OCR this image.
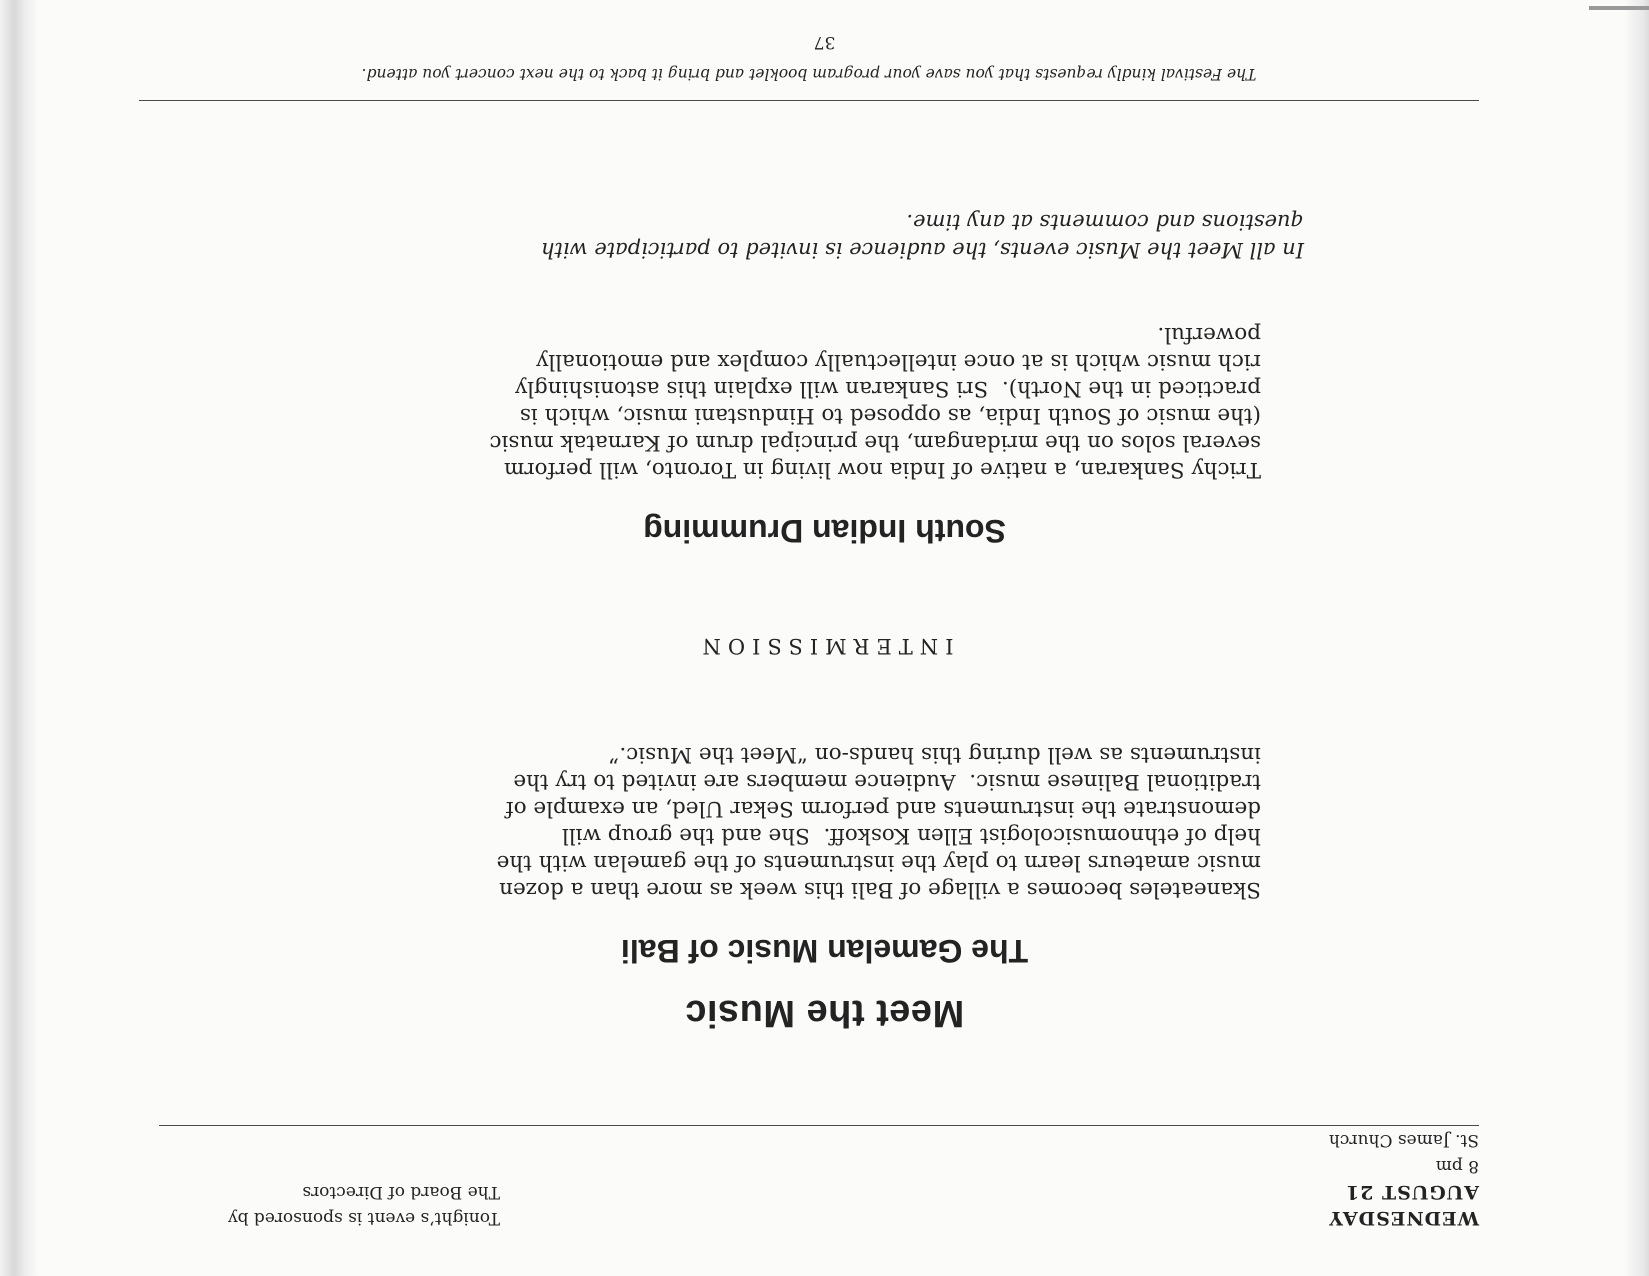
WEDNESDAY
AUGUST 21
8 pm
St. James Church
Tonight’s event is sponsored by
The Board of Directors
Meet the Music
The Gamelan Music of Bali
Skaneateles becomes a village of Bali this week as more than a dozen
music amateurs learn to play the instruments of the gamelan with the
help of ethnomusicologist Ellen Koskoff.  She and the group will
demonstrate the instruments and perform Sekar Uled, an example of
traditional Balinese music.  Audience members are invited to try the
instruments as well during this hands-on “Meet the Music.”
INTERMISSION
South Indian Drumming
Trichy Sankaran, a native of India now living in Toronto, will perform
several solos on the mridangam, the principal drum of Karnatak music
(the music of South India, as opposed to Hindustani music, which is
practiced in the North).  Sri Sankaran will explain this astonishingly
rich music which is at once intellectually complex and emotionally
powerful.
In all Meet the Music events, the audience is invited to participate with
questions and comments at any time.
The Festival kindly requests that you save your program booklet and bring it back to the next concert you attend.
37
